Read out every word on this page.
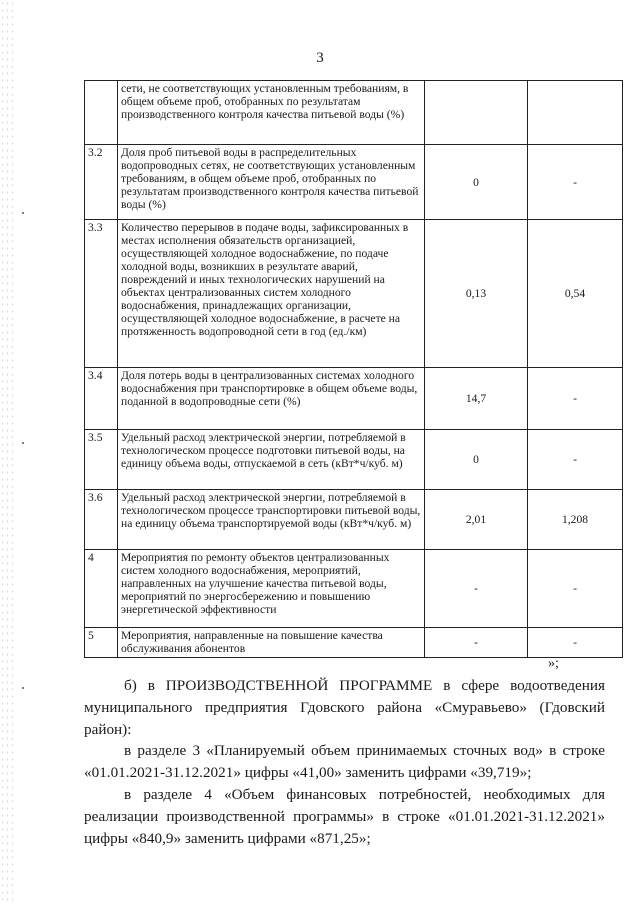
3
	сети, не соответствующих установленным требованиям, в общем объеме проб, отобранных по результатам производственного контроля качества питьевой воды (%)		
3.2	Доля проб питьевой воды в распределительных водопроводных сетях, не соответствующих установленным требованиям, в общем объеме проб, отобранных по результатам производственного контроля качества питьевой воды (%)	0	-
3.3	Количество перерывов в подаче воды, зафиксированных в местах исполнения обязательств организацией, осуществляющей холодное водоснабжение, по подаче холодной воды, возникших в результате аварий, повреждений и иных технологических нарушений на объектах централизованных систем холодного водоснабжения, принадлежащих организации, осуществляющей холодное водоснабжение, в расчете на протяженность водопроводной сети в год (ед./км)	0,13	0,54
3.4	Доля потерь воды в централизованных системах холодного водоснабжения при транспортировке в общем объеме воды, поданной в водопроводные сети (%)	14,7	-
3.5	Удельный расход электрической энергии, потребляемой в технологическом процессе подготовки питьевой воды, на единицу объема воды, отпускаемой в сеть (кВт*ч/куб. м)	0	-
3.6	Удельный расход электрической энергии, потребляемой в технологическом процессе транспортировки питьевой воды, на единицу объема транспортируемой воды (кВт*ч/куб. м)	2,01	1,208
4	Мероприятия по ремонту объектов централизованных систем холодного водоснабжения, мероприятий, направленных на улучшение качества питьевой воды, мероприятий по энергосбережению и повышению энергетической эффективности	-	-
5	Мероприятия, направленные на повышение качества обслуживания абонентов	-	-
»;
б) в ПРОИЗВОДСТВЕННОЙ ПРОГРАММЕ в сфере водоотведения муниципального предприятия Гдовского района «Смуравьево» (Гдовский район):
в разделе 3 «Планируемый объем принимаемых сточных вод» в строке «01.01.2021-31.12.2021» цифры «41,00» заменить цифрами «39,719»;
в разделе 4 «Объем финансовых потребностей, необходимых для реализации производственной программы» в строке «01.01.2021-31.12.2021» цифры «840,9» заменить цифрами «871,25»;
